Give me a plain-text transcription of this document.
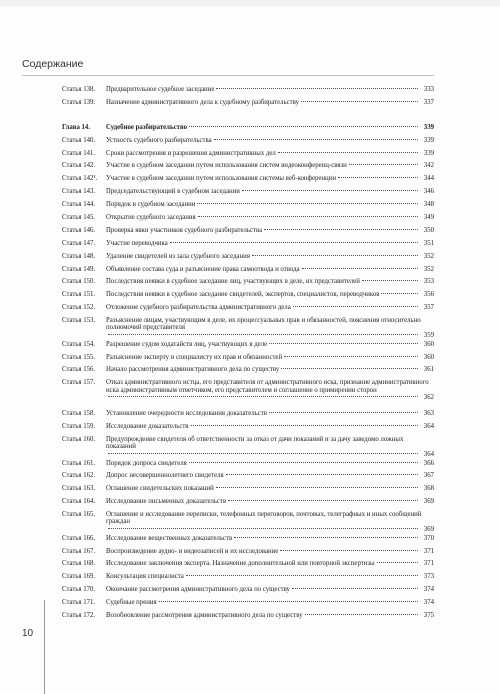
Содержание
Статья 138.	Предварительное судебное заседание	333
Статья 139.	Назначение административного дела к судебному разбирательству	337
Глава 14.	Судебное разбирательство	339
Статья 140.	Устность судебного разбирательства	339
Статья 141.	Сроки рассмотрения и разрешения административных дел	339
Статья 142.	Участие в судебном заседании путем использования систем видеоконференц-связи	342
Статья 142¹.	Участие в судебном заседании путем использования системы веб-конференции	344
Статья 143.	Председательствующий в судебном заседании	346
Статья 144.	Порядок в судебном заседании	348
Статья 145.	Открытие судебного заседания	349
Статья 146.	Проверка явки участников судебного разбирательства	350
Статья 147.	Участие переводчика	351
Статья 148.	Удаление свидетелей из зала судебного заседания	352
Статья 149.	Объявление состава суда и разъяснение права самоотвода и отвода	352
Статья 150.	Последствия неявки в судебное заседание лиц, участвующих в деле, их представителей	353
Статья 151.	Последствия неявки в судебное заседание свидетелей, экспертов, специалистов, переводчиков	356
Статья 152.	Отложение судебного разбирательства административного дела	357
Статья 153.	Разъяснение лицам, участвующим в деле, их процессуальных прав и обязанностей, пояснения относительно полномочий представителя
359
Статья 154.	Разрешение судом ходатайств лиц, участвующих в деле	360
Статья 155.	Разъяснение эксперту и специалисту их прав и обязанностей	360
Статья 156.	Начало рассмотрения административного дела по существу	361
Статья 157.	Отказ административного истца, его представителя от административного иска, признание административного иска административным ответчиком, его представителем и соглашение о примирении сторон
362
Статья 158.	Установление очередности исследования доказательств	363
Статья 159.	Исследование доказательств	364
Статья 160.	Предупреждение свидетеля об ответственности за отказ от дачи показаний и за дачу заведомо ложных показаний
364
Статья 161.	Порядок допроса свидетеля	366
Статья 162.	Допрос несовершеннолетнего свидетеля	367
Статья 163.	Оглашение свидетельских показаний	368
Статья 164.	Исследование письменных доказательств	369
Статья 165.	Оглашение и исследование переписки, телефонных переговоров, почтовых, телеграфных и иных сообщений граждан
369
Статья 166.	Исследование вещественных доказательств	370
Статья 167.	Воспроизведение аудио- и видеозаписей и их исследование	371
Статья 168.	Исследование заключения эксперта. Назначение дополнительной или повторной экспертизы	371
Статья 169.	Консультация специалиста	373
Статья 170.	Окончание рассмотрения административного дела по существу	374
Статья 171.	Судебные прения	374
Статья 172.	Возобновление рассмотрения административного дела по существу	375
10
